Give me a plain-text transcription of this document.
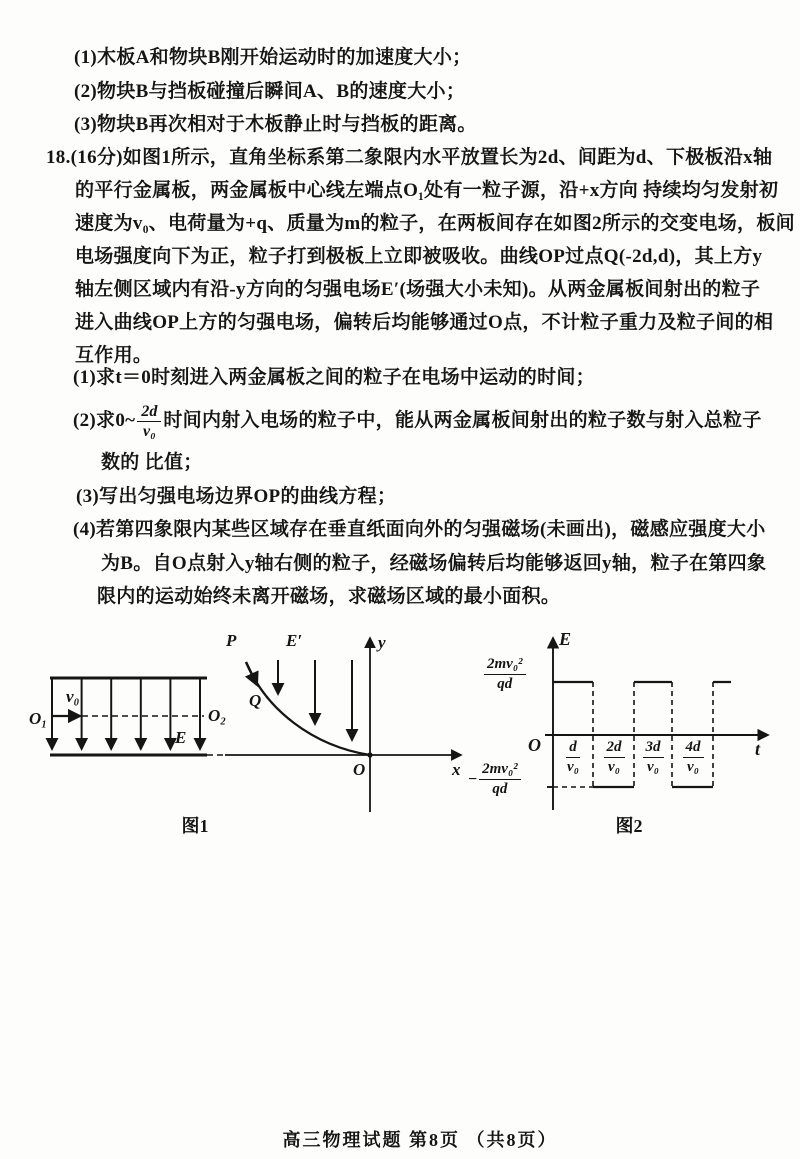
(1)木板A和物块B刚开始运动时的加速度大小；
(2)物块B与挡板碰撞后瞬间A、B的速度大小；
(3)物块B再次相对于木板静止时与挡板的距离。
18.(16分)如图1所示，直角坐标系第二象限内水平放置长为2d、间距为d、下极板沿x轴
的平行金属板，两金属板中心线左端点O₁处有一粒子源，沿+x方向 持续均匀发射初
速度为v₀、电荷量为+q、质量为m的粒子，在两板间存在如图2所示的交变电场，板间
电场强度向下为正，粒子打到极板上立即被吸收。曲线OP过点Q(-2d,d)，其上方y
轴左侧区域内有沿-y方向的匀强电场E′(场强大小未知)。从两金属板间射出的粒子
进入曲线OP上方的匀强电场，偏转后均能够通过O点，不计粒子重力及粒子间的相
互作用。
(1)求t＝0时刻进入两金属板之间的粒子在电场中运动的时间；
(2)求0~ $\frac{2d}{\text{v₀}}$ 时间内射入电场的粒子中，能从两金属板间射出的粒子数与射入总粒子
数的 比值；
(3)写出匀强电场边界OP的曲线方程；
(4)若第四象限内某些区域存在垂直纸面向外的匀强磁场(未画出)，磁感应强度大小
为B。自O点射入y轴右侧的粒子，经磁场偏转后均能够返回y轴，粒子在第四象
限内的运动始终未离开磁场，求磁场区域的最小面积。
O₁
v₀
O₂
E
P	E′
Q
O	x
y
图1
E
t
O
$\frac{\text{2mv₀²}}{qd}$
− $\frac{\text{2mv₀²}}{qd}$
$\frac{d}{\text{v₀}} \frac{2d}{\text{v₀}} \frac{3d}{\text{v₀}} \frac{4d}{\text{v₀}}$
图2
高三物理试题 第8页 （共8页）
